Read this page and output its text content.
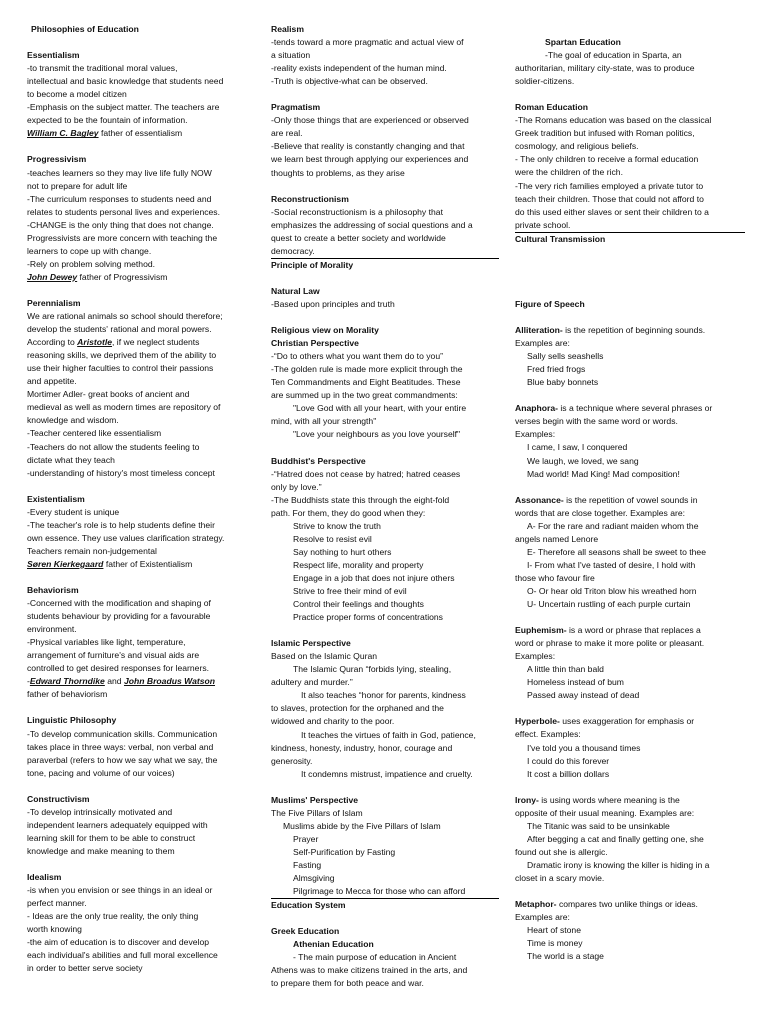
Philosophies of Education
Essentialism
-to transmit the traditional moral values,
intellectual and basic knowledge that students need
to become a model citizen
-Emphasis on the subject matter. The teachers are
expected to be the fountain of information.
William C. Bagley father of essentialism
Progressivism
-teaches learners so they may live life fully NOW
not to prepare for adult life
-The curriculum responses to students need and
relates to students personal lives and experiences.
-CHANGE is the only thing that does not change.
Progressivists are more concern with teaching the
learners to cope up with change.
-Rely on problem solving method.
John Dewey father of Progressivism
Perennialism
We are rational animals so school should therefore;
develop the students' rational and moral powers.
According to Aristotle, if we neglect students
reasoning skills, we deprived them of the ability to
use their higher faculties to control their passions
and appetite.
Mortimer Adler- great books of ancient and
medieval as well as modern times are repository of
knowledge and wisdom.
-Teacher centered like essentialism
-Teachers do not allow the students feeling to
dictate what they teach
-understanding of history's most timeless concept
Existentialism
-Every student is unique
-The teacher's role is to help students define their
own essence. They use values clarification strategy.
Teachers remain non-judgemental
Søren Kierkegaard father of Existentialism
Behaviorism
-Concerned with the modification and shaping of
students behaviour by providing for a favourable
environment.
-Physical variables like light, temperature,
arrangement of furniture's and visual aids are
controlled to get desired responses for learners.
-Edward Thorndike and John Broadus Watson
father of behaviorism
Linguistic Philosophy
-To develop communication skills. Communication
takes place in three ways: verbal, non verbal and
paraverbal (refers to how we say what we say, the
tone, pacing and volume of our voices)
Constructivism
-To develop intrinsically motivated and
independent learners adequately equipped with
learning skill for them to be able to construct
knowledge and make meaning to them
Idealism
-is when you envision or see things in an ideal or
perfect manner.
- Ideas are the only true reality, the only thing
worth knowing
-the aim of education is to discover and develop
each individual's abilities and full moral excellence
in order to better serve society
Realism
-tends toward a more pragmatic and actual view of
a situation
-reality exists independent of the human mind.
-Truth is objective-what can be observed.
Pragmatism
-Only those things that are experienced or observed
are real.
-Believe that reality is constantly changing and that
we learn best through applying our experiences and
thoughts to problems, as they arise
Reconstructionism
-Social reconstructionism is a philosophy that
emphasizes the addressing of social questions and a
quest to create a better society and worldwide
democracy.
Principle of Morality
Natural Law
-Based upon principles and truth
Religious view on Morality
Christian Perspective
-“Do to others what you want them do to you”
-The golden rule is made more explicit through the
Ten Commandments and Eight Beatitudes. These
are summed up in the two great commandments:
"Love God with all your heart, with your entire
mind, with all your strength"
"Love your neighbours as you love yourself"
Buddhist's Perspective
-“Hatred does not cease by hatred; hatred ceases
only by love.”
-The Buddhists state this through the eight-fold
path. For them, they do good when they:
Strive to know the truth
Resolve to resist evil
Say nothing to hurt others
Respect life, morality and property
Engage in a job that does not injure others
Strive to free their mind of evil
Control their feelings and thoughts
Practice proper forms of concentrations
Islamic Perspective
Based on the Islamic Quran
The Islamic Quran “forbids lying, stealing,
adultery and murder.”
It also teaches “honor for parents, kindness
to slaves, protection for the orphaned and the
widowed and charity to the poor.
It teaches the virtues of faith in God, patience,
kindness, honesty, industry, honor, courage and
generosity.
It condemns mistrust, impatience and cruelty.
Muslims' Perspective
The Five Pillars of Islam
Muslims abide by the Five Pillars of Islam
Prayer
Self-Purification by Fasting
Fasting
Almsgiving
Pilgrimage to Mecca for those who can afford
Education System
Greek Education
Athenian Education
- The main purpose of education in Ancient
Athens was to make citizens trained in the arts, and
to prepare them for both peace and war.
Spartan Education
-The goal of education in Sparta, an
authoritarian, military city-state, was to produce
soldier-citizens.
Roman Education
-The Romans education was based on the classical
Greek tradition but infused with Roman politics,
cosmology, and religious beliefs.
- The only children to receive a formal education
were the children of the rich.
-The very rich families employed a private tutor to
teach their children. Those that could not afford to
do this used either slaves or sent their children to a
private school.
Cultural Transmission
Figure of Speech
Alliteration- is the repetition of beginning sounds.
Examples are:
Sally sells seashells
Fred fried frogs
Blue baby bonnets
Anaphora- is a technique where several phrases or
verses begin with the same word or words.
Examples:
I came, I saw, I conquered
We laugh, we loved, we sang
Mad world! Mad King! Mad composition!
Assonance- is the repetition of vowel sounds in
words that are close together. Examples are:
A- For the rare and radiant maiden whom the
angels named Lenore
E- Therefore all seasons shall be sweet to thee
I- From what I've tasted of desire, I hold with
those who favour fire
O- Or hear old Triton blow his wreathed horn
U- Uncertain rustling of each purple curtain
Euphemism- is a word or phrase that replaces a
word or phrase to make it more polite or pleasant.
Examples:
A little thin than bald
Homeless instead of bum
Passed away instead of dead
Hyperbole- uses exaggeration for emphasis or
effect. Examples:
I've told you a thousand times
I could do this forever
It cost a billion dollars
Irony- is using words where meaning is the
opposite of their usual meaning. Examples are:
The Titanic was said to be unsinkable
After begging a cat and finally getting one, she
found out she is allergic.
Dramatic irony is knowing the killer is hiding in a
closet in a scary movie.
Metaphor- compares two unlike things or ideas.
Examples are:
Heart of stone
Time is money
The world is a stage
